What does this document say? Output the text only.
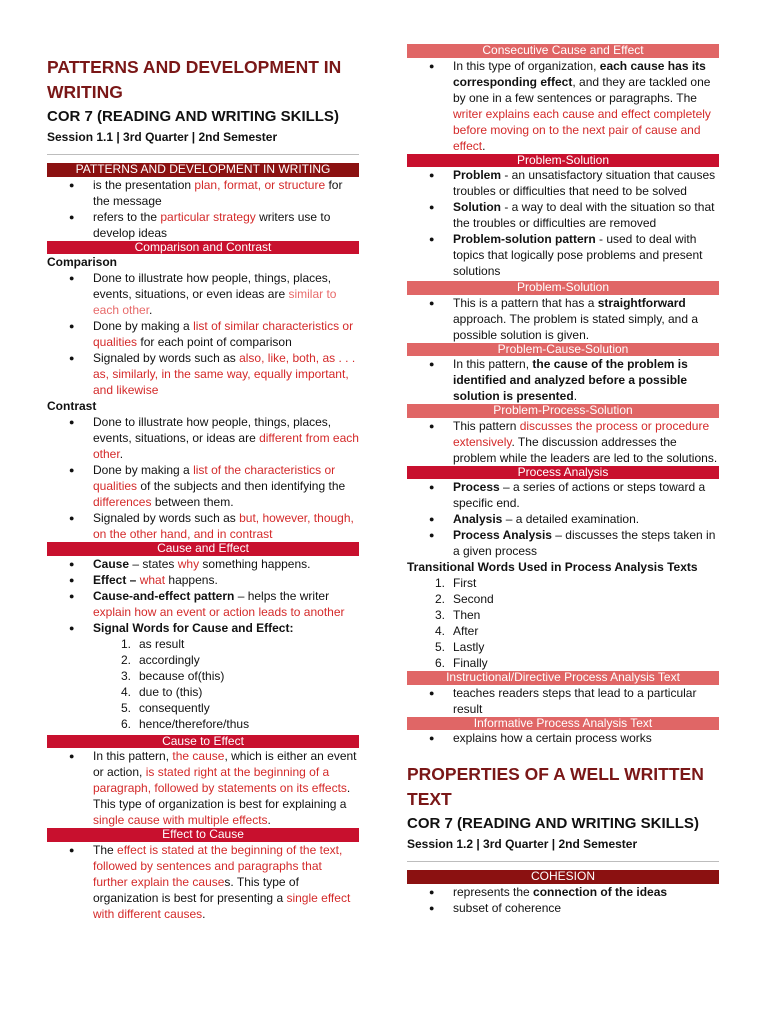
PATTERNS AND DEVELOPMENT IN WRITING
COR 7 (READING AND WRITING SKILLS)
Session 1.1 | 3rd Quarter | 2nd Semester
PATTERNS AND DEVELOPMENT IN WRITING
● is the presentation plan, format, or structure for the message
● refers to the particular strategy writers use to develop ideas
Comparison and Contrast
Comparison
● Done to illustrate how people, things, places, events, situations, or even ideas are similar to each other.
● Done by making a list of similar characteristics or qualities for each point of comparison
● Signaled by words such as also, like, both, as . . . as, similarly, in the same way, equally important, and likewise
Contrast
● Done to illustrate how people, things, places, events, situations, or ideas are different from each other.
● Done by making a list of the characteristics or qualities of the subjects and then identifying the differences between them.
● Signaled by words such as but, however, though, on the other hand, and in contrast
Cause and Effect
● Cause – states why something happens.
● Effect – what happens.
● Cause-and-effect pattern – helps the writer explain how an event or action leads to another
● Signal Words for Cause and Effect:
1. as result
2. accordingly
3. because of(this)
4. due to (this)
5. consequently
6. hence/therefore/thus
Cause to Effect
● In this pattern, the cause, which is either an event or action, is stated right at the beginning of a paragraph, followed by statements on its effects. This type of organization is best for explaining a single cause with multiple effects.
Effect to Cause
● The effect is stated at the beginning of the text, followed by sentences and paragraphs that further explain the causes. This type of organization is best for presenting a single effect with different causes.
Consecutive Cause and Effect
● In this type of organization, each cause has its corresponding effect, and they are tackled one by one in a few sentences or paragraphs. The writer explains each cause and effect completely before moving on to the next pair of cause and effect.
Problem-Solution
● Problem - an unsatisfactory situation that causes troubles or difficulties that need to be solved
● Solution - a way to deal with the situation so that the troubles or difficulties are removed
● Problem-solution pattern - used to deal with topics that logically pose problems and present solutions
Problem-Solution
● This is a pattern that has a straightforward approach. The problem is stated simply, and a possible solution is given.
Problem-Cause-Solution
● In this pattern, the cause of the problem is identified and analyzed before a possible solution is presented.
Problem-Process-Solution
● This pattern discusses the process or procedure extensively. The discussion addresses the problem while the leaders are led to the solutions.
Process Analysis
● Process – a series of actions or steps toward a specific end.
● Analysis – a detailed examination.
● Process Analysis – discusses the steps taken in a given process
Transitional Words Used in Process Analysis Texts
1. First
2. Second
3. Then
4. After
5. Lastly
6. Finally
Instructional/Directive Process Analysis Text
● teaches readers steps that lead to a particular result
Informative Process Analysis Text
● explains how a certain process works
PROPERTIES OF A WELL WRITTEN TEXT
COR 7 (READING AND WRITING SKILLS)
Session 1.2 | 3rd Quarter | 2nd Semester
COHESION
● represents the connection of the ideas
● subset of coherence
